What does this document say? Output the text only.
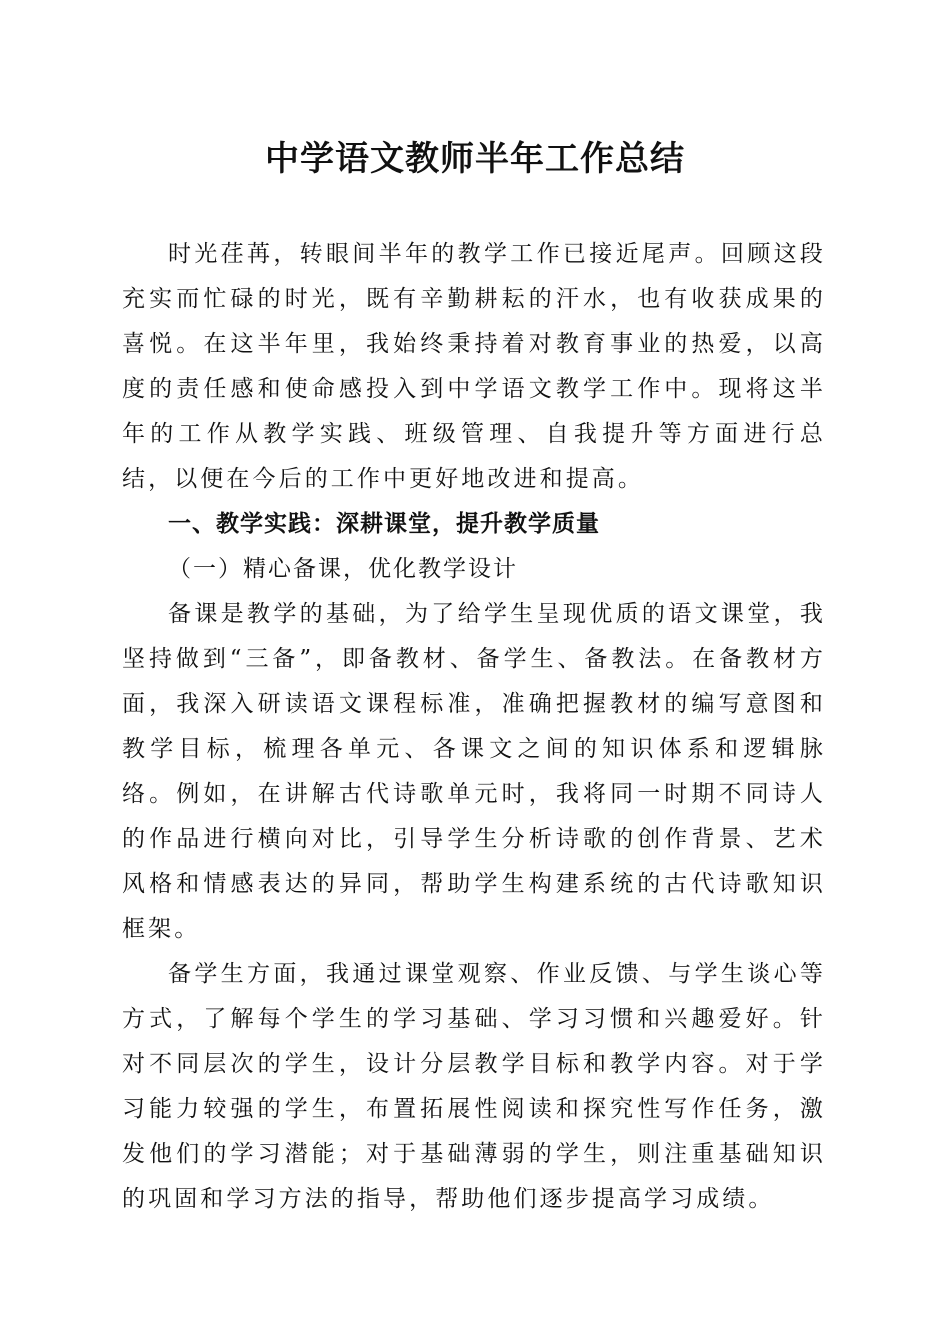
中学语文教师半年工作总结

时光荏苒，转眼间半年的教学工作已接近尾声。回顾这段充实而忙碌的时光，既有辛勤耕耘的汗水，也有收获成果的喜悦。在这半年里，我始终秉持着对教育事业的热爱，以高度的责任感和使命感投入到中学语文教学工作中。现将这半年的工作从教学实践、班级管理、自我提升等方面进行总结，以便在今后的工作中更好地改进和提高。

一、教学实践：深耕课堂，提升教学质量

（一）精心备课，优化教学设计

备课是教学的基础，为了给学生呈现优质的语文课堂，我坚持做到“三备”，即备教材、备学生、备教法。在备教材方面，我深入研读语文课程标准，准确把握教材的编写意图和教学目标，梳理各单元、各课文之间的知识体系和逻辑脉络。例如，在讲解古代诗歌单元时，我将同一时期不同诗人的作品进行横向对比，引导学生分析诗歌的创作背景、艺术风格和情感表达的异同，帮助学生构建系统的古代诗歌知识框架。

备学生方面，我通过课堂观察、作业反馈、与学生谈心等方式，了解每个学生的学习基础、学习习惯和兴趣爱好。针对不同层次的学生，设计分层教学目标和教学内容。对于学习能力较强的学生，布置拓展性阅读和探究性写作任务，激发他们的学习潜能；对于基础薄弱的学生，则注重基础知识的巩固和学习方法的指导，帮助他们逐步提高学习成绩。
